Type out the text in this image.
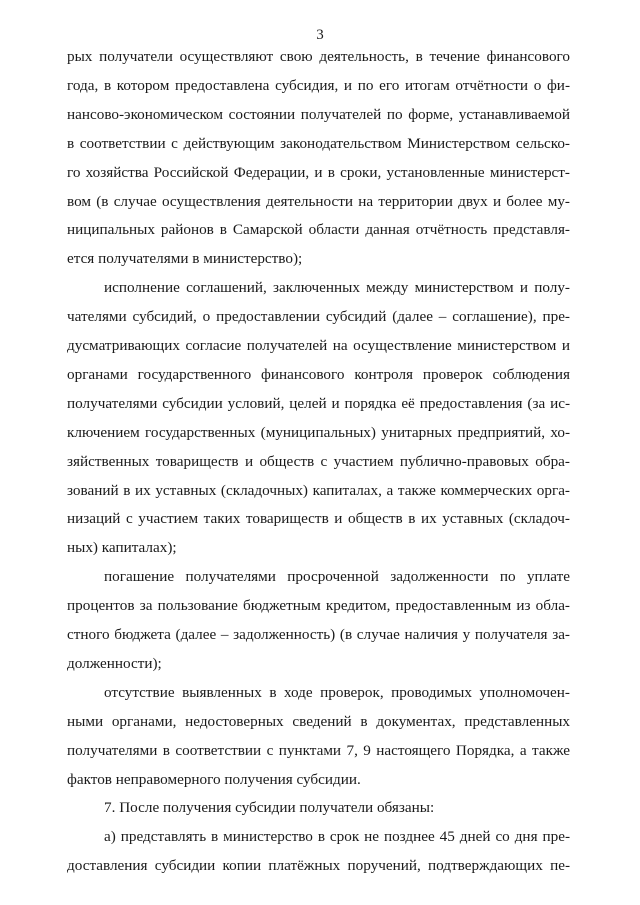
3
рых получатели осуществляют свою деятельность, в течение финансового
года, в котором предоставлена субсидия, и по его итогам отчётности о фи-
нансово-экономическом состоянии получателей по форме, устанавливаемой
в соответствии с действующим законодательством Министерством сельско-
го хозяйства Российской Федерации, и в сроки, установленные министерст-
вом (в случае осуществления деятельности на территории двух и более му-
ниципальных районов в Самарской области данная отчётность представля-
ется получателями в министерство);
исполнение соглашений, заключенных между министерством и полу-
чателями субсидий, о предоставлении субсидий (далее – соглашение), пре-
дусматривающих согласие получателей на осуществление министерством и
органами государственного финансового контроля проверок соблюдения
получателями субсидии условий, целей и порядка её предоставления (за ис-
ключением государственных (муниципальных) унитарных предприятий, хо-
зяйственных товариществ и обществ с участием публично-правовых обра-
зований в их уставных (складочных) капиталах, а также коммерческих орга-
низаций с участием таких товариществ и обществ в их уставных (складоч-
ных) капиталах);
погашение получателями просроченной задолженности по уплате
процентов за пользование бюджетным кредитом, предоставленным из обла-
стного бюджета (далее – задолженность) (в случае наличия у получателя за-
долженности);
отсутствие выявленных в ходе проверок, проводимых уполномочен-
ными органами, недостоверных сведений в документах, представленных
получателями в соответствии с пунктами 7, 9 настоящего Порядка, а также
фактов неправомерного получения субсидии.
7. После получения субсидии получатели обязаны:
а) представлять в министерство в срок не позднее 45 дней со дня пре-
доставления субсидии копии платёжных поручений, подтверждающих пе-
